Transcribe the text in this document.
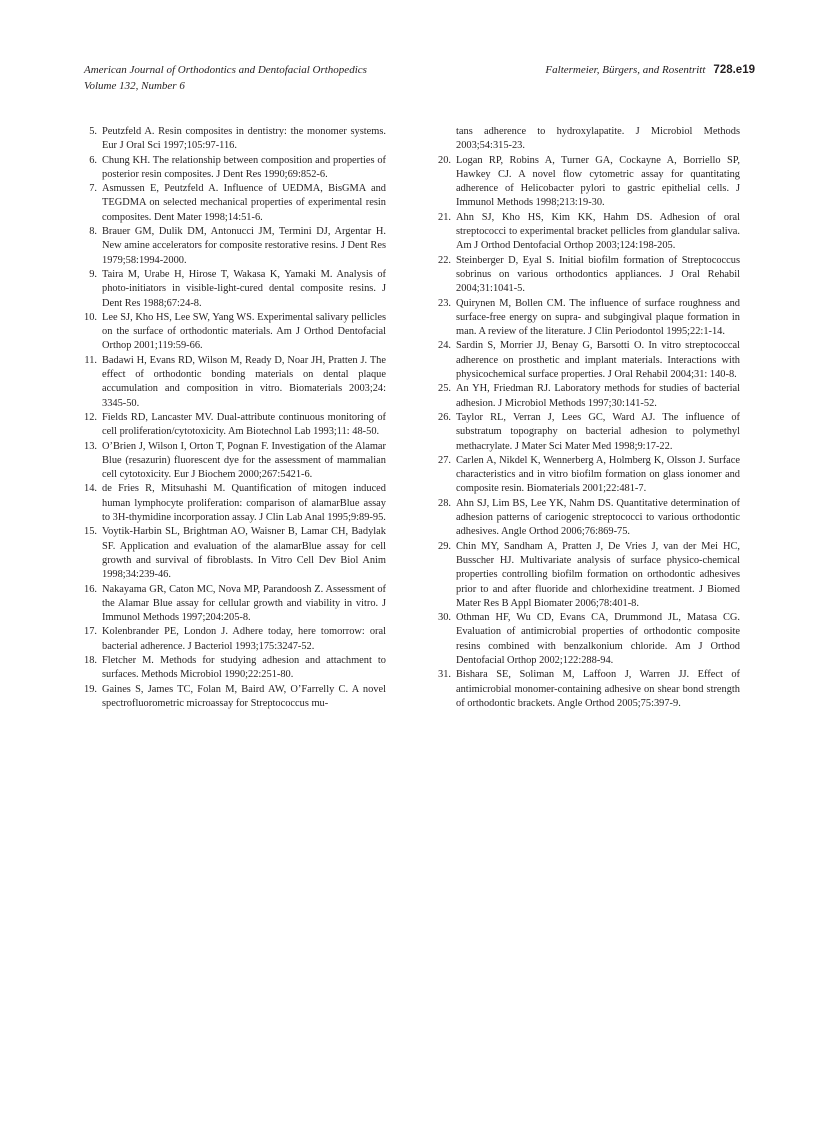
American Journal of Orthodontics and Dentofacial Orthopedics
Volume 132, Number 6
Faltermeier, Bürgers, and Rosentritt 728.e19
5. Peutzfeld A. Resin composites in dentistry: the monomer systems. Eur J Oral Sci 1997;105:97-116.
6. Chung KH. The relationship between composition and properties of posterior resin composites. J Dent Res 1990;69:852-6.
7. Asmussen E, Peutzfeld A. Influence of UEDMA, BisGMA and TEGDMA on selected mechanical properties of experimental resin composites. Dent Mater 1998;14:51-6.
8. Brauer GM, Dulik DM, Antonucci JM, Termini DJ, Argentar H. New amine accelerators for composite restorative resins. J Dent Res 1979;58:1994-2000.
9. Taira M, Urabe H, Hirose T, Wakasa K, Yamaki M. Analysis of photo-initiators in visible-light-cured dental composite resins. J Dent Res 1988;67:24-8.
10. Lee SJ, Kho HS, Lee SW, Yang WS. Experimental salivary pellicles on the surface of orthodontic materials. Am J Orthod Dentofacial Orthop 2001;119:59-66.
11. Badawi H, Evans RD, Wilson M, Ready D, Noar JH, Pratten J. The effect of orthodontic bonding materials on dental plaque accumulation and composition in vitro. Biomaterials 2003;24: 3345-50.
12. Fields RD, Lancaster MV. Dual-attribute continuous monitoring of cell proliferation/cytotoxicity. Am Biotechnol Lab 1993;11: 48-50.
13. O’Brien J, Wilson I, Orton T, Pognan F. Investigation of the Alamar Blue (resazurin) fluorescent dye for the assessment of mammalian cell cytotoxicity. Eur J Biochem 2000;267:5421-6.
14. de Fries R, Mitsuhashi M. Quantification of mitogen induced human lymphocyte proliferation: comparison of alamarBlue assay to 3H-thymidine incorporation assay. J Clin Lab Anal 1995;9:89-95.
15. Voytik-Harbin SL, Brightman AO, Waisner B, Lamar CH, Badylak SF. Application and evaluation of the alamarBlue assay for cell growth and survival of fibroblasts. In Vitro Cell Dev Biol Anim 1998;34:239-46.
16. Nakayama GR, Caton MC, Nova MP, Parandoosh Z. Assessment of the Alamar Blue assay for cellular growth and viability in vitro. J Immunol Methods 1997;204:205-8.
17. Kolenbrander PE, London J. Adhere today, here tomorrow: oral bacterial adherence. J Bacteriol 1993;175:3247-52.
18. Fletcher M. Methods for studying adhesion and attachment to surfaces. Methods Microbiol 1990;22:251-80.
19. Gaines S, James TC, Folan M, Baird AW, O’Farrelly C. A novel spectrofluorometric microassay for Streptococcus mu-
tans adherence to hydroxylapatite. J Microbiol Methods 2003;54:315-23.
20. Logan RP, Robins A, Turner GA, Cockayne A, Borriello SP, Hawkey CJ. A novel flow cytometric assay for quantitating adherence of Helicobacter pylori to gastric epithelial cells. J Immunol Methods 1998;213:19-30.
21. Ahn SJ, Kho HS, Kim KK, Hahm DS. Adhesion of oral streptococci to experimental bracket pellicles from glandular saliva. Am J Orthod Dentofacial Orthop 2003;124:198-205.
22. Steinberger D, Eyal S. Initial biofilm formation of Streptococcus sobrinus on various orthodontics appliances. J Oral Rehabil 2004;31:1041-5.
23. Quirynen M, Bollen CM. The influence of surface roughness and surface-free energy on supra- and subgingival plaque formation in man. A review of the literature. J Clin Periodontol 1995;22:1-14.
24. Sardin S, Morrier JJ, Benay G, Barsotti O. In vitro streptococcal adherence on prosthetic and implant materials. Interactions with physicochemical surface properties. J Oral Rehabil 2004;31: 140-8.
25. An YH, Friedman RJ. Laboratory methods for studies of bacterial adhesion. J Microbiol Methods 1997;30:141-52.
26. Taylor RL, Verran J, Lees GC, Ward AJ. The influence of substratum topography on bacterial adhesion to polymethyl methacrylate. J Mater Sci Mater Med 1998;9:17-22.
27. Carlen A, Nikdel K, Wennerberg A, Holmberg K, Olsson J. Surface characteristics and in vitro biofilm formation on glass ionomer and composite resin. Biomaterials 2001;22:481-7.
28. Ahn SJ, Lim BS, Lee YK, Nahm DS. Quantitative determination of adhesion patterns of cariogenic streptococci to various orthodontic adhesives. Angle Orthod 2006;76:869-75.
29. Chin MY, Sandham A, Pratten J, De Vries J, van der Mei HC, Busscher HJ. Multivariate analysis of surface physico-chemical properties controlling biofilm formation on orthodontic adhesives prior to and after fluoride and chlorhexidine treatment. J Biomed Mater Res B Appl Biomater 2006;78:401-8.
30. Othman HF, Wu CD, Evans CA, Drummond JL, Matasa CG. Evaluation of antimicrobial properties of orthodontic composite resins combined with benzalkonium chloride. Am J Orthod Dentofacial Orthop 2002;122:288-94.
31. Bishara SE, Soliman M, Laffoon J, Warren JJ. Effect of antimicrobial monomer-containing adhesive on shear bond strength of orthodontic brackets. Angle Orthod 2005;75:397-9.
